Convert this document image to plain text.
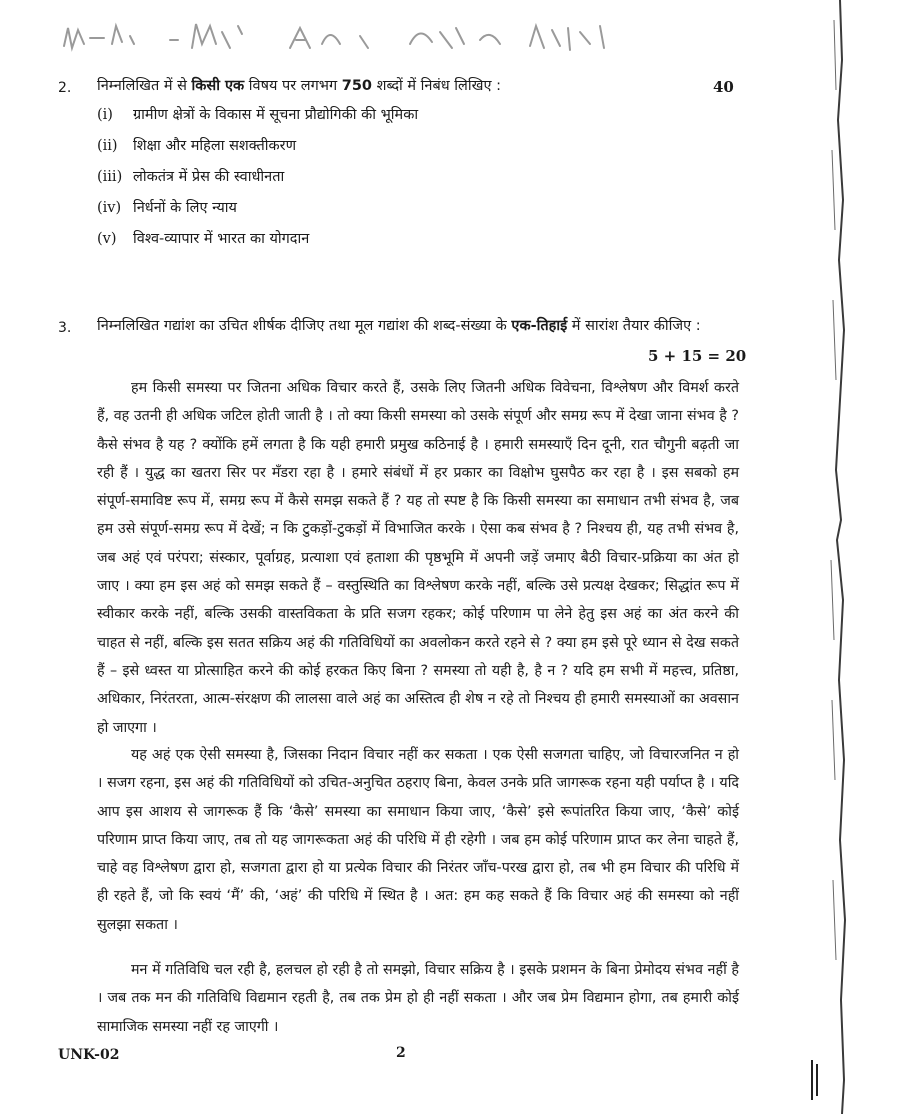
2. निम्नलिखित में से किसी एक विषय पर लगभग 750 शब्दों में निबंध लिखिए :	40
(i) ग्रामीण क्षेत्रों के विकास में सूचना प्रौद्योगिकी की भूमिका
(ii) शिक्षा और महिला सशक्तीकरण
(iii) लोकतंत्र में प्रेस की स्वाधीनता
(iv) निर्धनों के लिए न्याय
(v) विश्व-व्यापार में भारत का योगदान
3. निम्नलिखित गद्यांश का उचित शीर्षक दीजिए तथा मूल गद्यांश की शब्द-संख्या के एक-तिहाई में सारांश तैयार कीजिए :
5 + 15 = 20

हम किसी समस्या पर जितना अधिक विचार करते हैं, उसके लिए जितनी अधिक विवेचना, विश्लेषण और विमर्श करते हैं, वह उतनी ही अधिक जटिल होती जाती है । तो क्या किसी समस्या को उसके संपूर्ण और समग्र रूप में देखा जाना संभव है ? कैसे संभव है यह ? क्योंकि हमें लगता है कि यही हमारी प्रमुख कठिनाई है । हमारी समस्याएँ दिन दूनी, रात चौगुनी बढ़ती जा रही हैं । युद्ध का खतरा सिर पर मँडरा रहा है । हमारे संबंधों में हर प्रकार का विक्षोभ घुसपैठ कर रहा है । इस सबको हम संपूर्ण-समाविष्ट रूप में, समग्र रूप में कैसे समझ सकते हैं ? यह तो स्पष्ट है कि किसी समस्या का समाधान तभी संभव है, जब हम उसे संपूर्ण-समग्र रूप में देखें; न कि टुकड़ों-टुकड़ों में विभाजित करके । ऐसा कब संभव है ? निश्चय ही, यह तभी संभव है, जब अहं एवं परंपरा; संस्कार, पूर्वाग्रह, प्रत्याशा एवं हताशा की पृष्ठभूमि में अपनी जड़ें जमाए बैठी विचार-प्रक्रिया का अंत हो जाए । क्या हम इस अहं को समझ सकते हैं – वस्तुस्थिति का विश्लेषण करके नहीं, बल्कि उसे प्रत्यक्ष देखकर; सिद्धांत रूप में स्वीकार करके नहीं, बल्कि उसकी वास्तविकता के प्रति सजग रहकर; कोई परिणाम पा लेने हेतु इस अहं का अंत करने की चाहत से नहीं, बल्कि इस सतत सक्रिय अहं की गतिविधियों का अवलोकन करते रहने से ? क्या हम इसे पूरे ध्यान से देख सकते हैं – इसे ध्वस्त या प्रोत्साहित करने की कोई हरकत किए बिना ? समस्या तो यही है, है न ? यदि हम सभी में महत्त्व, प्रतिष्ठा, अधिकार, निरंतरता, आत्म-संरक्षण की लालसा वाले अहं का अस्तित्व ही शेष न रहे तो निश्चय ही हमारी समस्याओं का अवसान हो जाएगा ।

यह अहं एक ऐसी समस्या है, जिसका निदान विचार नहीं कर सकता । एक ऐसी सजगता चाहिए, जो विचारजनित न हो । सजग रहना, इस अहं की गतिविधियों को उचित-अनुचित ठहराए बिना, केवल उनके प्रति जागरूक रहना यही पर्याप्त है । यदि आप इस आशय से जागरूक हैं कि ‘कैसे’ समस्या का समाधान किया जाए, ‘कैसे’ इसे रूपांतरित किया जाए, ‘कैसे’ कोई परिणाम प्राप्त किया जाए, तब तो यह जागरूकता अहं की परिधि में ही रहेगी । जब हम कोई परिणाम प्राप्त कर लेना चाहते हैं, चाहे वह विश्लेषण द्वारा हो, सजगता द्वारा हो या प्रत्येक विचार की निरंतर जाँच-परख द्वारा हो, तब भी हम विचार की परिधि में ही रहते हैं, जो कि स्वयं ‘मैं’ की, ‘अहं’ की परिधि में स्थित है । अत: हम कह सकते हैं कि विचार अहं की समस्या को नहीं सुलझा सकता ।

मन में गतिविधि चल रही है, हलचल हो रही है तो समझो, विचार सक्रिय है । इसके प्रशमन के बिना प्रेमोदय संभव नहीं है । जब तक मन की गतिविधि विद्यमान रहती है, तब तक प्रेम हो ही नहीं सकता । और जब प्रेम विद्यमान होगा, तब हमारी कोई सामाजिक समस्या नहीं रह जाएगी ।

UNK-02	2
